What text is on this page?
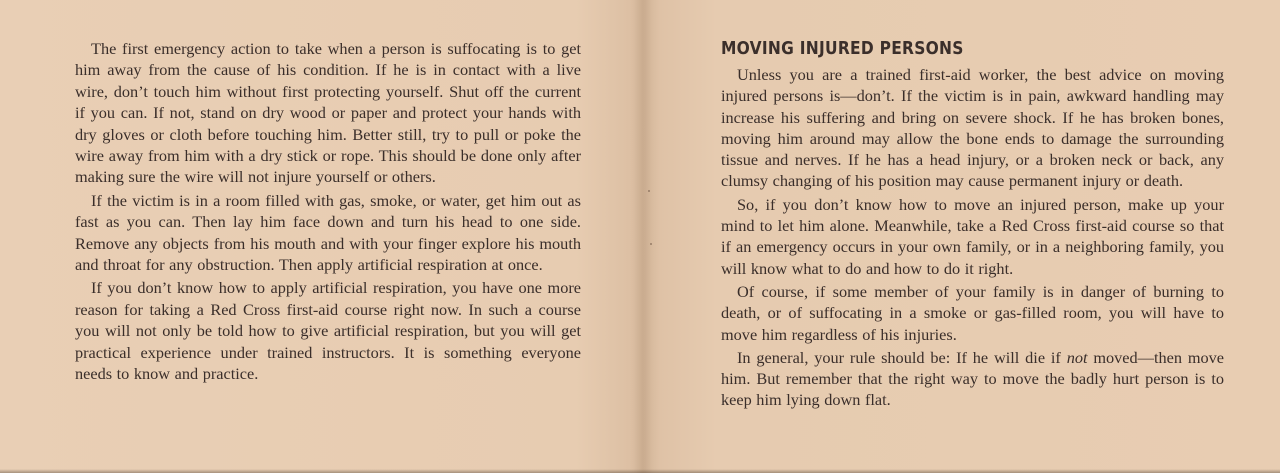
The first emergency action to take when a person is suffocating is to get him away from the cause of his condition. If he is in contact with a live wire, don’t touch him without first protecting yourself. Shut off the current if you can. If not, stand on dry wood or paper and protect your hands with dry gloves or cloth before touching him. Better still, try to pull or poke the wire away from him with a dry stick or rope. This should be done only after making sure the wire will not injure yourself or others.

If the victim is in a room filled with gas, smoke, or water, get him out as fast as you can. Then lay him face down and turn his head to one side. Remove any objects from his mouth and with your finger explore his mouth and throat for any obstruction. Then apply artificial respiration at once.

If you don’t know how to apply artificial respiration, you have one more reason for taking a Red Cross first-aid course right now. In such a course you will not only be told how to give artificial respiration, but you will get practical experience under trained instructors. It is something everyone needs to know and practice.

MOVING INJURED PERSONS

Unless you are a trained first-aid worker, the best advice on moving injured persons is—don’t. If the victim is in pain, awkward handling may increase his suffering and bring on severe shock. If he has broken bones, moving him around may allow the bone ends to damage the surrounding tissue and nerves. If he has a head injury, or a broken neck or back, any clumsy changing of his position may cause permanent injury or death.

So, if you don’t know how to move an injured person, make up your mind to let him alone. Meanwhile, take a Red Cross first-aid course so that if an emergency occurs in your own family, or in a neighboring family, you will know what to do and how to do it right.

Of course, if some member of your family is in danger of burning to death, or of suffocating in a smoke or gas-filled room, you will have to move him regardless of his injuries.

In general, your rule should be: If he will die if not moved—then move him. But remember that the right way to move the badly hurt person is to keep him lying down flat.
